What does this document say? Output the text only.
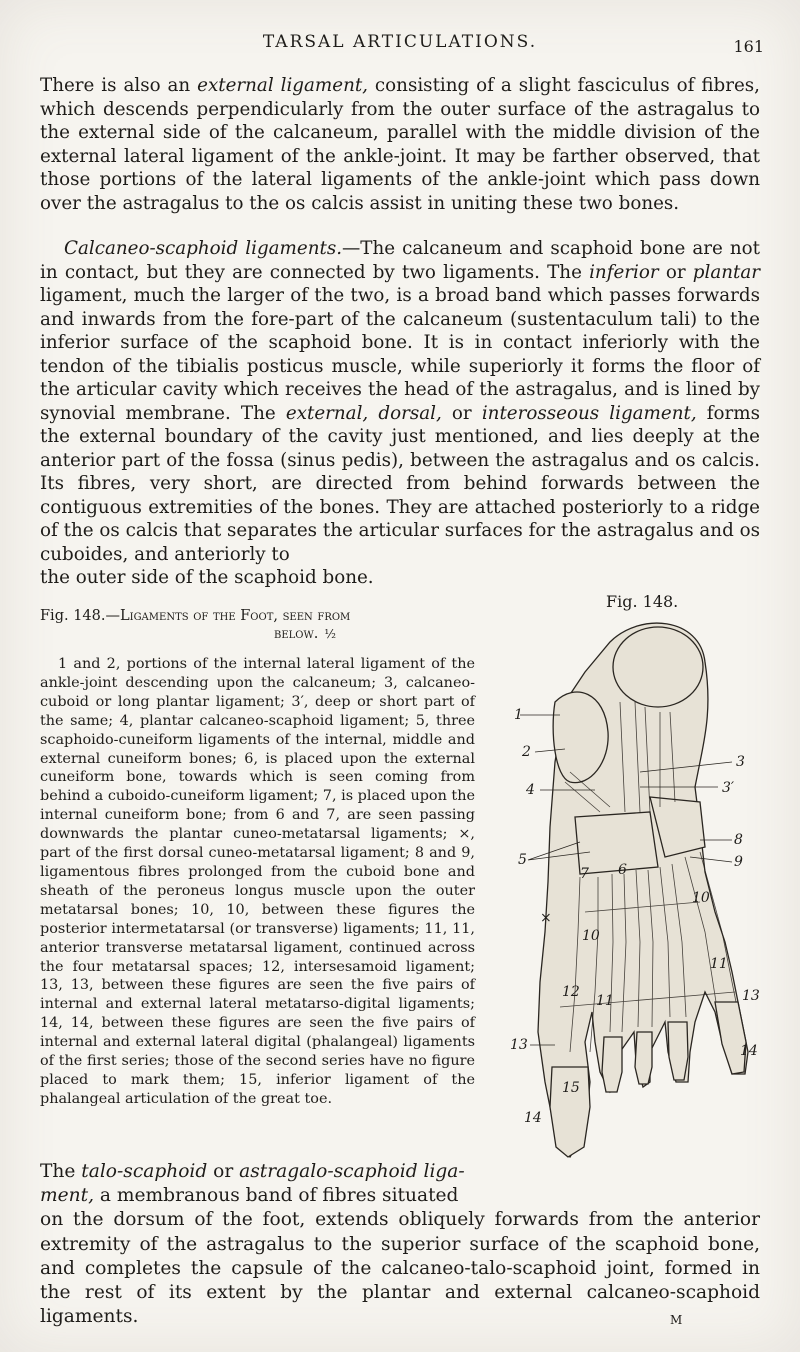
TARSAL ARTICULATIONS.	161

There is also an external ligament, consisting of a slight fasciculus of fibres, which descends perpendicularly from the outer surface of the astragalus to the external side of the calcaneum, parallel with the middle division of the external lateral ligament of the ankle-joint. It may be farther observed, that those portions of the lateral ligaments of the ankle-joint which pass down over the astragalus to the os calcis assist in uniting these two bones.

Calcaneo-scaphoid ligaments.—The calcaneum and scaphoid bone are not in contact, but they are connected by two ligaments. The inferior or plantar ligament, much the larger of the two, is a broad band which passes forwards and inwards from the fore-part of the calcaneum (sustentaculum tali) to the inferior surface of the scaphoid bone. It is in contact inferiorly with the tendon of the tibialis posticus muscle, while superiorly it forms the floor of the articular cavity which receives the head of the astragalus, and is lined by synovial membrane. The external, dorsal, or interosseous ligament, forms the external boundary of the cavity just mentioned, and lies deeply at the anterior part of the fossa (sinus pedis), between the astragalus and os calcis. Its fibres, very short, are directed from behind forwards between the contiguous extremities of the bones. They are attached posteriorly to a ridge of the os calcis that separates the articular surfaces for the astragalus and os cuboides, and anteriorly to

the outer side of the scaphoid bone.

Fig. 148.
Fig. 148.—Ligaments of the Foot, seen from
below. ½

1 and 2, portions of the internal lateral ligament of the ankle-joint descending upon the calcaneum; 3, calcaneo-cuboid or long plantar ligament; 3′, deep or short part of the same; 4, plantar calcaneo-scaphoid ligament; 5, three scaphoido-cuneiform ligaments of the internal, middle and external cuneiform bones; 6, is placed upon the external cuneiform bone, towards which is seen coming from behind a cuboido-cuneiform ligament; 7, is placed upon the internal cuneiform bone; from 6 and 7, are seen passing downwards the plantar cuneo-metatarsal ligaments; ×, part of the first dorsal cuneo-metatarsal ligament; 8 and 9, ligamentous fibres prolonged from the cuboid bone and sheath of the peroneus longus muscle upon the outer metatarsal bones; 10, 10, between these figures the posterior intermetatarsal (or transverse) ligaments; 11, 11, anterior transverse metatarsal ligament, continued across the four metatarsal spaces; 12, intersesamoid ligament; 13, 13, between these figures are seen the five pairs of internal and external lateral metatarso-digital ligaments; 14, 14, between these figures are seen the five pairs of internal and external lateral digital (phalangeal) ligaments of the first series; those of the second series have no figure placed to mark them; 15, inferior ligament of the phalangeal articulation of the great toe.

1
2
3
3′
4
5
6
7
8
9
10
10
11
11
12	13
13	14
14
15
×

The talo-scaphoid or astragalo-scaphoid liga-
ment, a membranous band of fibres situated

on the dorsum of the foot, extends obliquely forwards from the anterior extremity of the astragalus to the superior surface of the scaphoid bone, and completes the capsule of the calcaneo-talo-scaphoid joint, formed in the rest of its extent by the plantar and external calcaneo-scaphoid ligaments.	M
